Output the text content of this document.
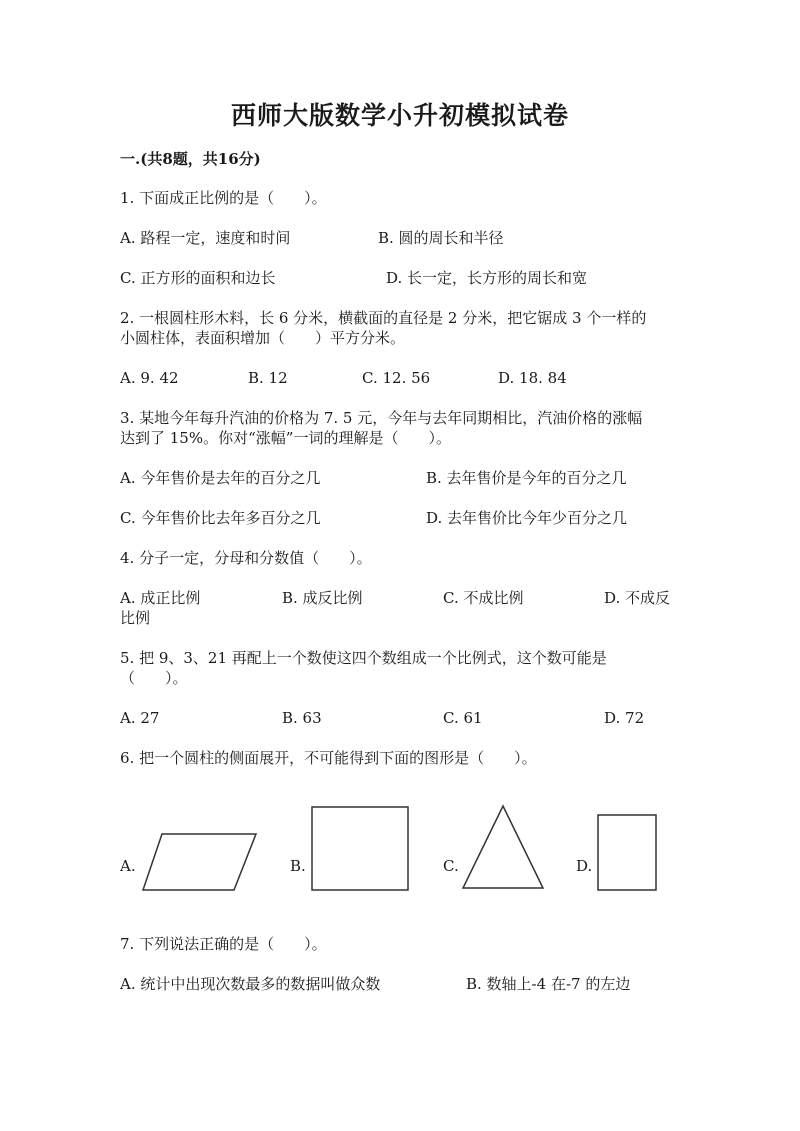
西师大版数学小升初模拟试卷
一.(共8题，共16分)
1. 下面成正比例的是（　　）。
A. 路程一定，速度和时间	B. 圆的周长和半径
C. 正方形的面积和边长	D. 长一定，长方形的周长和宽
2. 一根圆柱形木料，长 6 分米，横截面的直径是 2 分米，把它锯成 3 个一样的
小圆柱体，表面积增加（　　）平方分米。
A. 9. 42	B. 12	C. 12. 56	D. 18. 84
3. 某地今年每升汽油的价格为 7. 5 元，今年与去年同期相比，汽油价格的涨幅
达到了 15%。你对“涨幅”一词的理解是（　　）。
A. 今年售价是去年的百分之几	B. 去年售价是今年的百分之几
C. 今年售价比去年多百分之几	D. 去年售价比今年少百分之几
4. 分子一定，分母和分数值（　　）。
A. 成正比例	B. 成反比例	C. 不成比例	D. 不成反
比例
5. 把 9、3、21 再配上一个数使这四个数组成一个比例式，这个数可能是
（　　）。
A. 27	B. 63	C. 61	D. 72
6. 把一个圆柱的侧面展开，不可能得到下面的图形是（　　）。
A.	B.	C.	D.
7. 下列说法正确的是（　　）。
A. 统计中出现次数最多的数据叫做众数	B. 数轴上-4 在-7 的左边
